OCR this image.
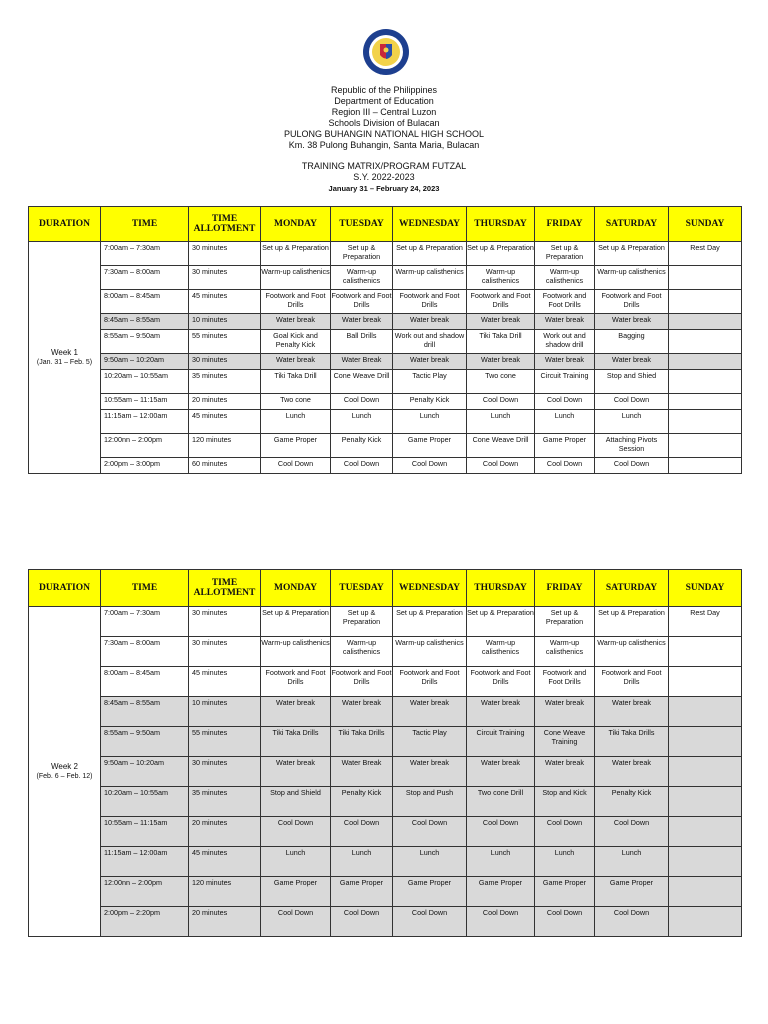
Republic of the Philippines
Department of Education
Region III – Central Luzon
Schools Division of Bulacan
PULONG BUHANGIN NATIONAL HIGH SCHOOL
Km. 38 Pulong Buhangin, Santa Maria, Bulacan
TRAINING MATRIX/PROGRAM FUTZAL
S.Y. 2022-2023
January 31 – February 24, 2023
DURATION	TIME	TIME ALLOTMENT	MONDAY	TUESDAY	WEDNESDAY	THURSDAY	FRIDAY	SATURDAY	SUNDAY

Week 1
(Jan. 31 – Feb. 5)	7:00am – 7:30am	30 minutes	Set up & Preparation	Set up & Preparation	Set up & Preparation	Set up & Preparation	Set up & Preparation	Set up & Preparation	Rest Day
	7:30am – 8:00am	30 minutes	Warm-up calisthenics	Warm-up calisthenics	Warm-up calisthenics	Warm-up calisthenics	Warm-up calisthenics	Warm-up calisthenics	
	8:00am – 8:45am	45 minutes	Footwork and Foot Drills	Footwork and Foot Drills	Footwork and Foot Drills	Footwork and Foot Drills	Footwork and Foot Drills	Footwork and Foot Drills	
	8:45am – 8:55am	10 minutes	Water break	Water break	Water break	Water break	Water break	Water break	
	8:55am – 9:50am	55 minutes	Goal Kick and Penalty Kick	Ball Drills	Work out and shadow drill	Tiki Taka Drill	Work out and shadow drill	Bagging	
	9:50am – 10:20am	30 minutes	Water break	Water Break	Water break	Water break	Water break	Water break	
	10:20am – 10:55am	35 minutes	Tiki Taka Drill	Cone Weave Drill	Tactic Play	Two cone	Circuit Training	Stop and Shied	
	10:55am – 11:15am	20 minutes	Two cone	Cool Down	Penalty Kick	Cool Down	Cool Down	Cool Down	
	11:15am – 12:00am	45 minutes	Lunch	Lunch	Lunch	Lunch	Lunch	Lunch	
	12:00nn – 2:00pm	120 minutes	Game Proper	Penalty Kick	Game Proper	Cone Weave Drill	Game Proper	Attaching Pivots Session	
	2:00pm – 3:00pm	60 minutes	Cool Down	Cool Down	Cool Down	Cool Down	Cool Down	Cool Down	
DURATION	TIME	TIME ALLOTMENT	MONDAY	TUESDAY	WEDNESDAY	THURSDAY	FRIDAY	SATURDAY	SUNDAY

Week 2
(Feb. 6 – Feb. 12)	7:00am – 7:30am	30 minutes	Set up & Preparation	Set up & Preparation	Set up & Preparation	Set up & Preparation	Set up & Preparation	Set up & Preparation	Rest Day
	7:30am – 8:00am	30 minutes	Warm-up calisthenics	Warm-up calisthenics	Warm-up calisthenics	Warm-up calisthenics	Warm-up calisthenics	Warm-up calisthenics	
	8:00am – 8:45am	45 minutes	Footwork and Foot Drills	Footwork and Foot Drills	Footwork and Foot Drills	Footwork and Foot Drills	Footwork and Foot Drills	Footwork and Foot Drills	
	8:45am – 8:55am	10 minutes	Water break	Water break	Water break	Water break	Water break	Water break	
	8:55am – 9:50am	55 minutes	Tiki Taka Drills	Tiki Taka Drills	Tactic Play	Circuit Training	Cone Weave Training	Tiki Taka Drills	
	9:50am – 10:20am	30 minutes	Water break	Water Break	Water break	Water break	Water break	Water break	
	10:20am – 10:55am	35 minutes	Stop and Shield	Penalty Kick	Stop and Push	Two cone Drill	Stop and Kick	Penalty Kick	
	10:55am – 11:15am	20 minutes	Cool Down	Cool Down	Cool Down	Cool Down	Cool Down	Cool Down	
	11:15am – 12:00am	45 minutes	Lunch	Lunch	Lunch	Lunch	Lunch	Lunch	
	12:00nn – 2:00pm	120 minutes	Game Proper	Game Proper	Game Proper	Game Proper	Game Proper	Game Proper	
	2:00pm – 2:20pm	20 minutes	Cool Down	Cool Down	Cool Down	Cool Down	Cool Down	Cool Down	
